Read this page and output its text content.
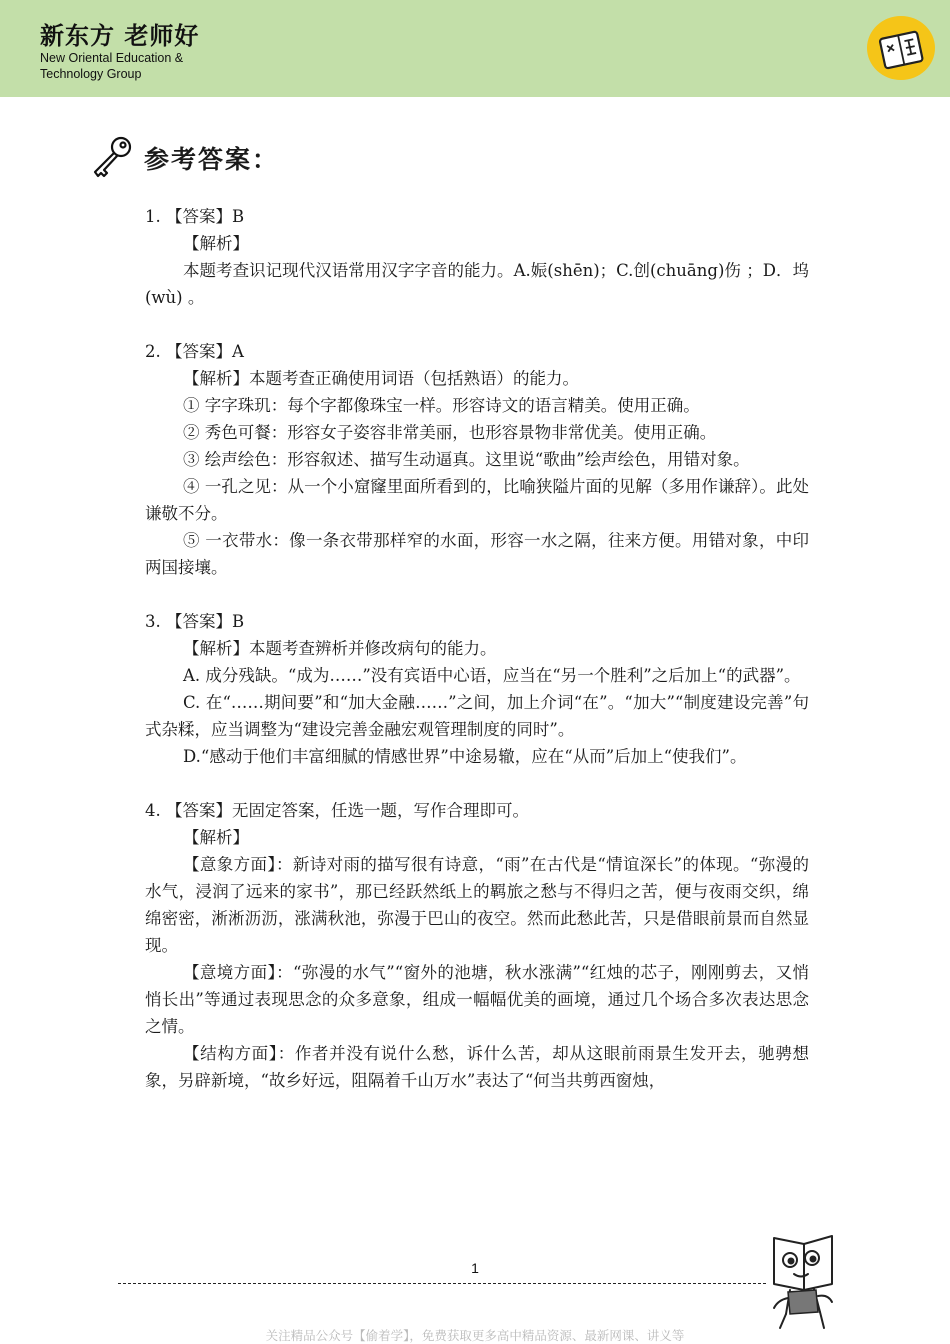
新东方 老师好
New Oriental Education &
Technology Group
参考答案：

1. 【答案】B

【解析】

本题考查识记现代汉语常用汉字字音的能力。A.娠(shēn)；C.创(chuāng)伤 ；D．坞 (wù) 。

2. 【答案】A

【解析】本题考查正确使用词语（包括熟语）的能力。

① 字字珠玑：每个字都像珠宝一样。形容诗文的语言精美。使用正确。

② 秀色可餐：形容女子姿容非常美丽，也形容景物非常优美。使用正确。

③ 绘声绘色：形容叙述、描写生动逼真。这里说“歌曲”绘声绘色，用错对象。

④ 一孔之见：从一个小窟窿里面所看到的，比喻狭隘片面的见解（多用作谦辞）。此处谦敬不分。

⑤ 一衣带水：像一条衣带那样窄的水面，形容一水之隔，往来方便。用错对象，中印两国接壤。

3. 【答案】B

【解析】本题考查辨析并修改病句的能力。

A. 成分残缺。“成为……”没有宾语中心语，应当在“另一个胜利”之后加上“的武器”。

C. 在“……期间要”和“加大金融……”之间，加上介词“在”。“加大”“制度建设完善”句式杂糅，应当调整为“建设完善金融宏观管理制度的同时”。

D.“感动于他们丰富细腻的情感世界”中途易辙，应在“从而”后加上“使我们”。

4. 【答案】无固定答案，任选一题，写作合理即可。

【解析】

【意象方面】：新诗对雨的描写很有诗意，“雨”在古代是“情谊深长”的体现。“弥漫的水气，浸润了远来的家书”，那已经跃然纸上的羁旅之愁与不得归之苦，便与夜雨交织，绵绵密密，淅淅沥沥，涨满秋池，弥漫于巴山的夜空。然而此愁此苦，只是借眼前景而自然显现。

【意境方面】：“弥漫的水气”“窗外的池塘，秋水涨满”“红烛的芯子，刚刚剪去，又悄悄长出”等通过表现思念的众多意象，组成一幅幅优美的画境，通过几个场合多次表达思念之情。

【结构方面】：作者并没有说什么愁，诉什么苦，却从这眼前雨景生发开去，驰骋想象，另辟新境，“故乡好远，阻隔着千山万水”表达了“何当共剪西窗烛，

1
关注精品公众号【偷着学】，免费获取更多高中精品资源、最新网课、讲义等
